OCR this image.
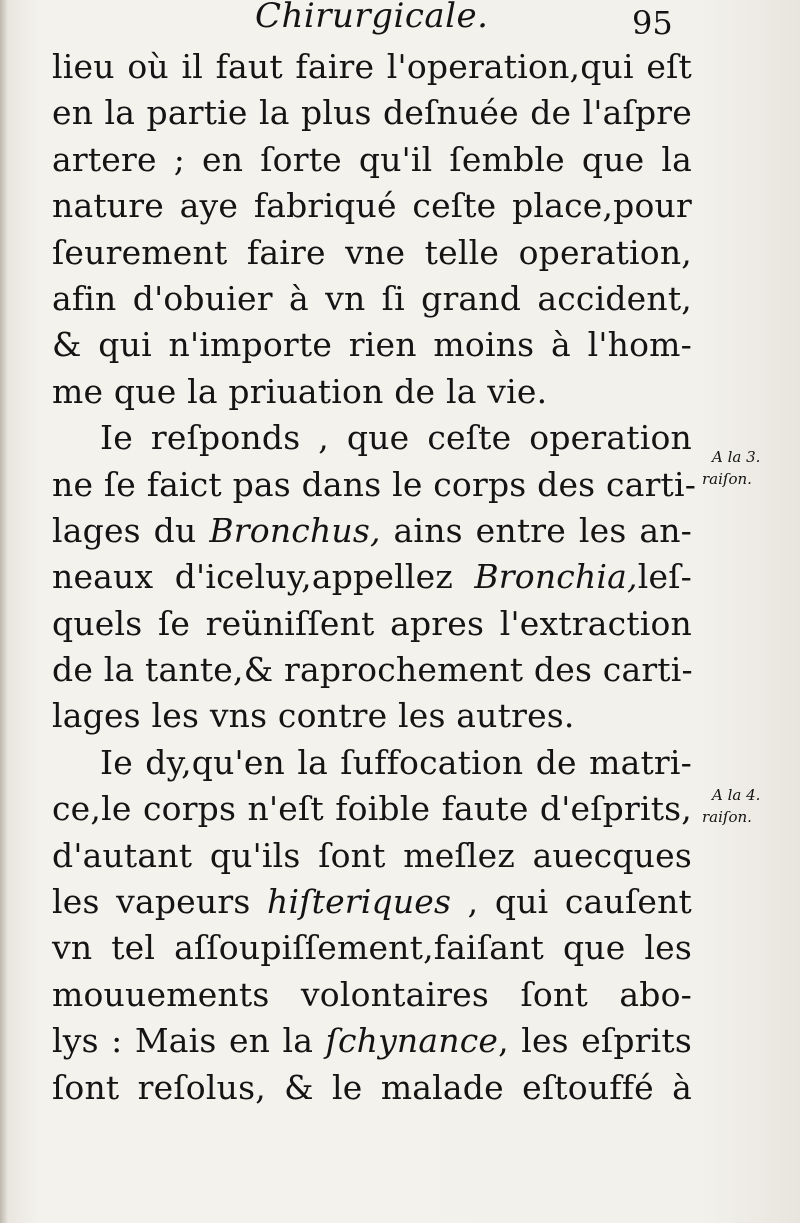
Chirurgicale.	95
lieu où il faut faire l'operation,qui eſt
en la partie la plus deſnuée de l'aſpre
artere ; en ſorte qu'il ſemble que la
nature aye fabriqué ceſte place,pour
ſeurement faire vne telle operation,
afin d'obuier à vn ſi grand accident,
& qui n'importe rien moins à l'hom-
me que la priuation de la vie.
Ie reſponds , que ceſte operation
ne ſe faict pas dans le corps des carti-
lages du Bronchus, ains entre les an-
neaux d'iceluy,appellez Bronchia,leſ-
quels ſe reüniſſent apres l'extraction
de la tante,& raprochement des carti-
lages les vns contre les autres.
Ie dy,qu'en la ſuffocation de matri-
ce,le corps n'eſt foible faute d'eſprits,
d'autant qu'ils ſont meſlez auecques
les vapeurs hiſteriques , qui cauſent
vn tel aſſoupiſſement,faiſant que les
mouuements volontaires ſont abo-
lys : Mais en la ſchynance, les eſprits
ſont reſolus, & le malade eſtouffé à
A la 3.
raiſon.
A la 4.
raiſon.
